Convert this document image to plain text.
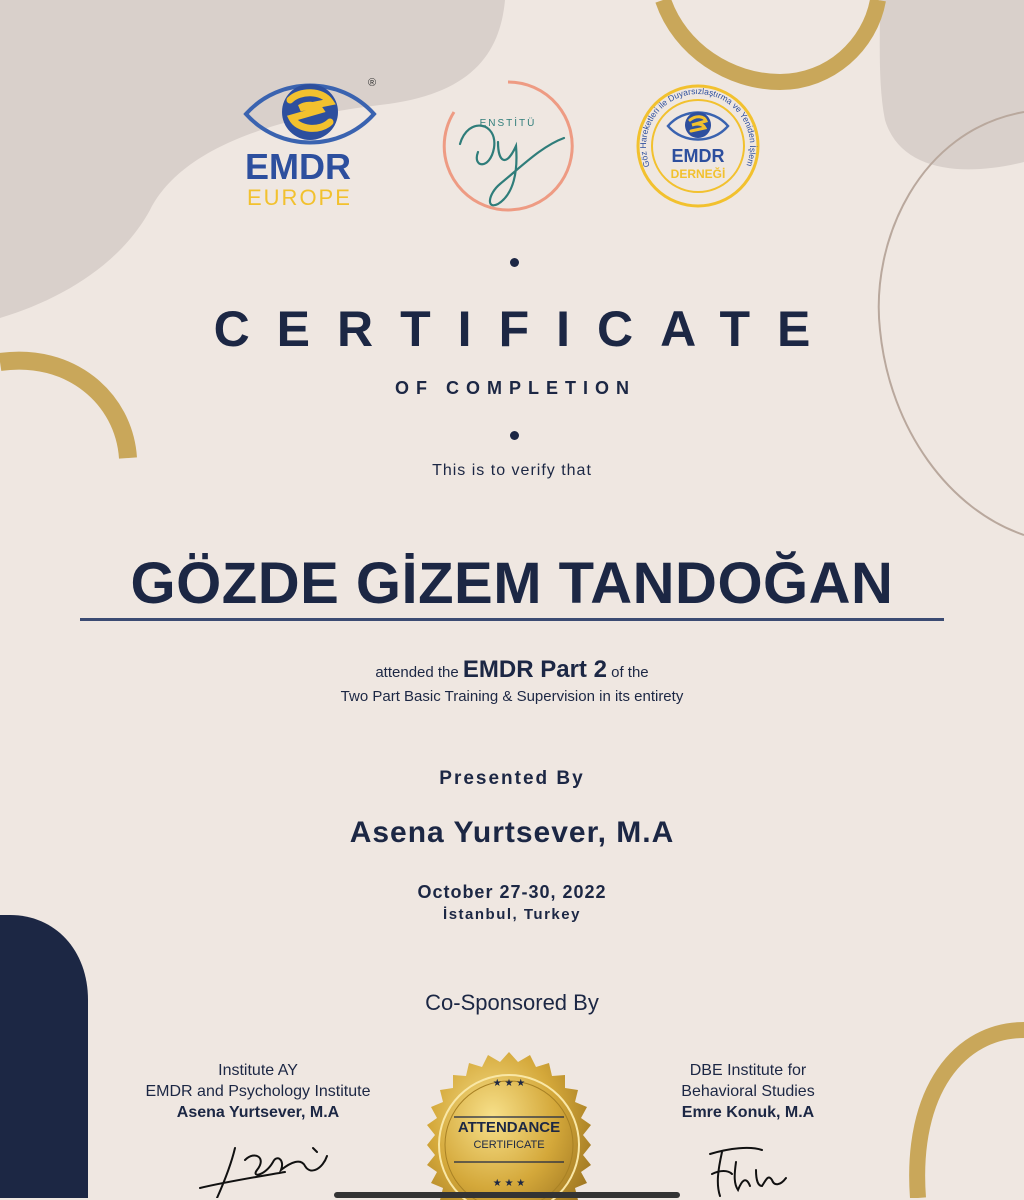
®
EMDR
EUROPE
ENSTİTÜ
Göz Hareketleri ile Duyarsızlaştırma ve Yeniden İşlem
EMDR
DERNEĞİ
CERTIFICATE
OF COMPLETION
This is to verify that
GÖZDE GİZEM TANDOĞAN
attended the EMDR Part 2 of the
Two Part Basic Training & Supervision in its entirety
Presented By
Asena Yurtsever, M.A
October 27-30, 2022
İstanbul, Turkey
Co-Sponsored By
Institute AY
EMDR and Psychology Institute
Asena Yurtsever, M.A
DBE Institute for
Behavioral Studies
Emre Konuk, M.A
★ ★ ★
ATTENDANCE
CERTIFICATE
★ ★ ★
